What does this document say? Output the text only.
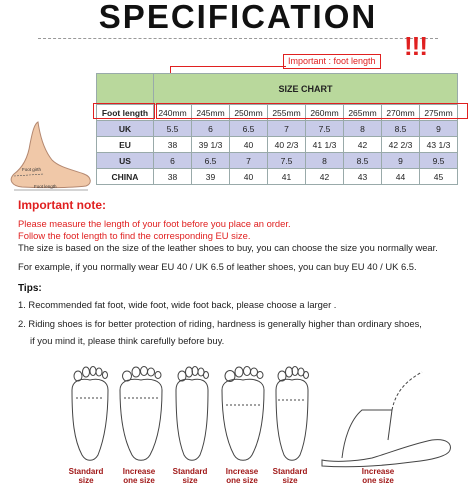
SPECIFICATION
!!!
Important : foot length
	SIZE CHART							
Foot length	240mm	245mm	250mm	255mm	260mm	265mm	270mm	275mm
UK	5.5	6	6.5	7	7.5	8	8.5	9
EU	38	39 1/3	40	40 2/3	41 1/3	42	42 2/3	43 1/3
US	6	6.5	7	7.5	8	8.5	9	9.5
CHINA	38	39	40	41	42	43	44	45
Foot girth
Foot length
Important note:
Please measure the length of your foot before you place an order.
Follow the foot length to find the corresponding EU size.
The size is based on the size of the leather shoes to buy, you can choose the size you normally wear.
For example, if you normally wear EU 40 / UK 6.5 of leather shoes, you can buy EU 40 / UK 6.5.
Tips:
1. Recommended fat foot, wide foot, wide foot back, please choose a larger .
2. Riding shoes is for better protection of riding, hardness is generally higher than ordinary shoes,
if you mind it, please think carefully before buy.
Standard
size
Increase
one size
Standard
size
Increase
one size
Standard
size
Increase
one size
